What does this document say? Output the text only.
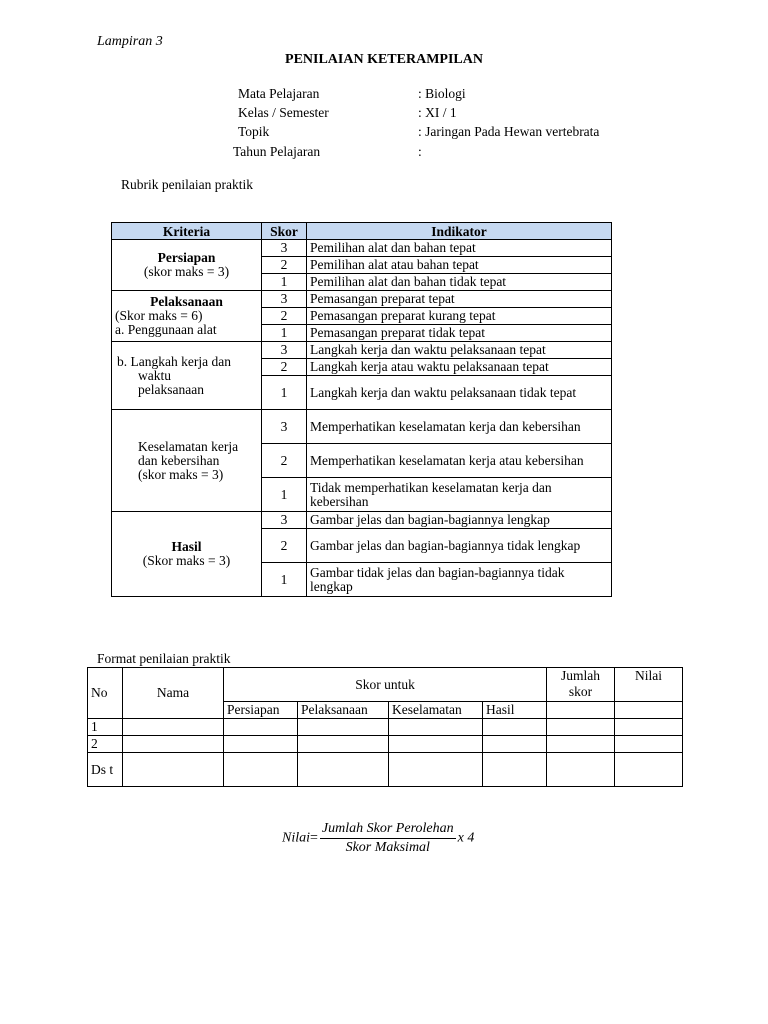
Lampiran 3
PENILAIAN KETERAMPILAN
Mata Pelajaran	: Biologi
Kelas / Semester	: XI / 1
Topik	: Jaringan Pada Hewan vertebrata
Tahun Pelajaran	:
Rubrik penilaian praktik
Kriteria	Skor	Indikator

Persiapan
(skor maks = 3)	3	Pemilihan alat dan bahan tepat
	2	Pemilihan alat atau bahan tepat
	1	Pemilihan alat dan bahan tidak tepat

Pelaksanaan
(Skor maks = 6)
a. Penggunaan alat	3	Pemasangan preparat tepat
	2	Pemasangan preparat kurang tepat
	1	Pemasangan preparat tidak tepat

b. Langkah kerja dan
waktu
pelaksanaan	3	Langkah kerja dan waktu pelaksanaan tepat
	2	Langkah kerja atau waktu pelaksanaan tepat
	1	Langkah kerja dan waktu pelaksanaan tidak tepat

Keselamatan kerja
dan kebersihan
(skor maks = 3)	3	Memperhatikan keselamatan kerja dan kebersihan
	2	Memperhatikan keselamatan kerja atau kebersihan
	1	Tidak memperhatikan keselamatan kerja dan kebersihan

Hasil
(Skor maks = 3)	3	Gambar jelas dan bagian-bagiannya lengkap
	2	Gambar jelas dan bagian-bagiannya tidak lengkap
	1	Gambar tidak jelas dan bagian-bagiannya tidak lengkap
Format penilaian praktik
No	Nama	Skor untuk				Jumlah skor	Nilai
		Persiapan	Pelaksanaan	Keselamatan	Hasil		
1							
2							
Ds t							
Nilai= $\frac{\text{Jumlah Skor Perolehan}}{\text{Skor Maksimal}}$ x 4
